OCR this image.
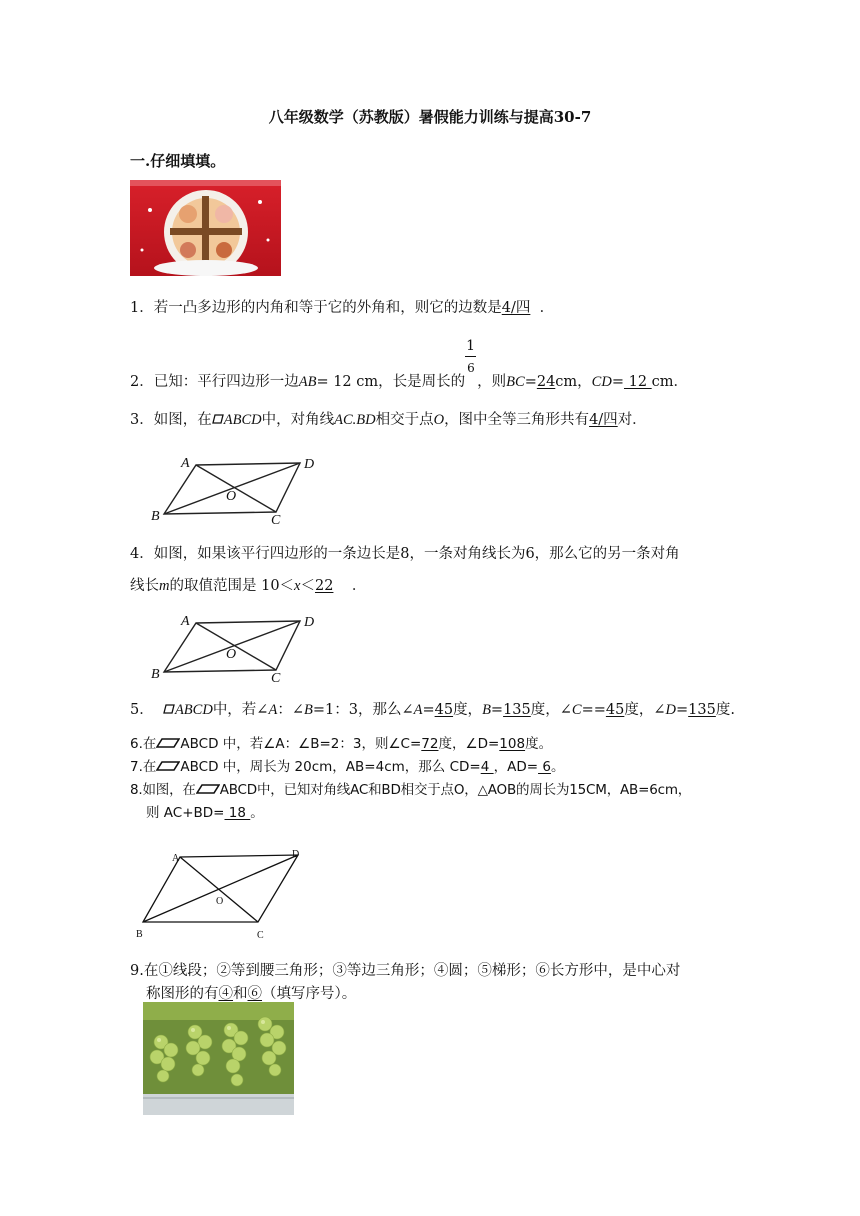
八年级数学（苏教版）暑假能力训练与提高30-7
一.仔细填填。
1．若一凸多边形的内角和等于它的外角和，则它的边数是4/四 ．
2．已知：平行四边形一边AB= 12 cm，长是周长的 $\frac{1}{6}$ ，则BC=24cm，CD= 12 cm．
3．如图，在 ABCD中，对角线AC.BD相交于点O，图中全等三角形共有4/四对．
A	D
B	C
O
4．如图，如果该平行四边形的一条边长是8，一条对角线长为6，那么它的另一条对角
线长m的取值范围是 10＜x＜22 ．
A	D
B	C
O
5． ABCD中，若∠A：∠B=1：3，那么∠A=45度，B=135度，∠C==45度，∠D=135度.
6.在 ABCD 中，若∠A：∠B=2：3，则∠C=72度，∠D=108度。
7.在 ABCD 中，周长为 20cm，AB=4cm，那么 CD=4 ，AD= 6。
8.如图，在 ABCD中，已知对角线AC和BD相交于点O，△AOB的周长为15CM，AB=6cm，
则 AC+BD= 18 。
A	D
B	C
O
9.在①线段；②等到腰三角形；③等边三角形；④圆；⑤梯形；⑥长方形中，是中心对
称图形的有④和⑥（填写序号）。
